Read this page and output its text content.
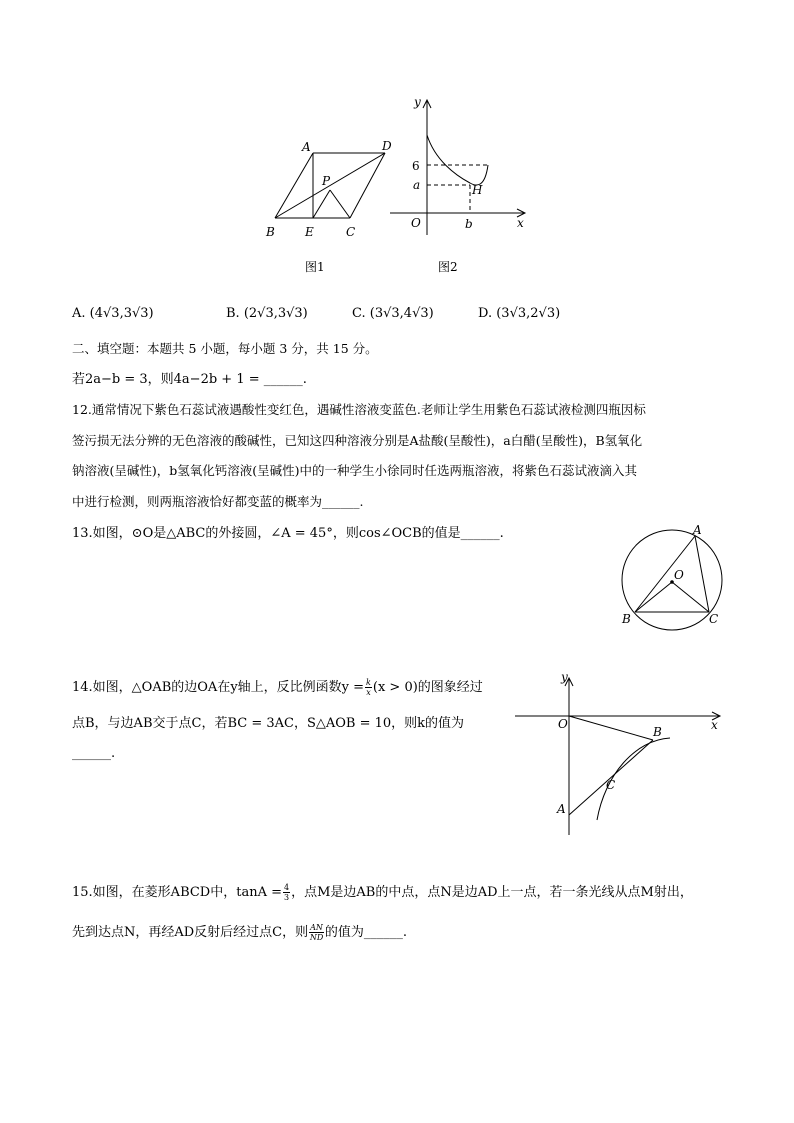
A	D
P
B	E	C
图1
y
x
6
a	H
O	b
图2
A. (4√3,3√3)	B. (2√3,3√3)	C. (3√3,4√3)	D. (3√3,2√3)
二、填空题：本题共 5 小题，每小题 3 分，共 15 分。
若2a−b = 3，则4a−2b + 1 = ______.
12.通常情况下紫色石蕊试液遇酸性变红色，遇碱性溶液变蓝色.老师让学生用紫色石蕊试液检测四瓶因标
签污损无法分辨的无色溶液的酸碱性，已知这四种溶液分别是A盐酸(呈酸性)，a白醋(呈酸性)，B氢氧化
钠溶液(呈碱性)，b氢氧化钙溶液(呈碱性)中的一种学生小徐同时任选两瓶溶液，将紫色石蕊试液滴入其
中进行检测，则两瓶溶液恰好都变蓝的概率为______.
13.如图，⊙O是△ABC的外接圆，∠A = 45°，则cos∠OCB的值是______.	A
O
B	C
14.如图，△OAB的边OA在y轴上，反比例函数$y = \frac{k}{x} (x > 0)$的图象经过
点B，与边AB交于点C，若BC = 3AC，S△AOB = 10，则k的值为
______.
y
x
O
B
C
A
15.如图，在菱形ABCD中，$\tan A = \frac{4}{3}$ ，点M是边AB的中点，点N是边AD上一点，若一条光线从点M射出，
先到达点N，再经AD反射后经过点C，则 $\frac{AN}{ND}$ 的值为______.
